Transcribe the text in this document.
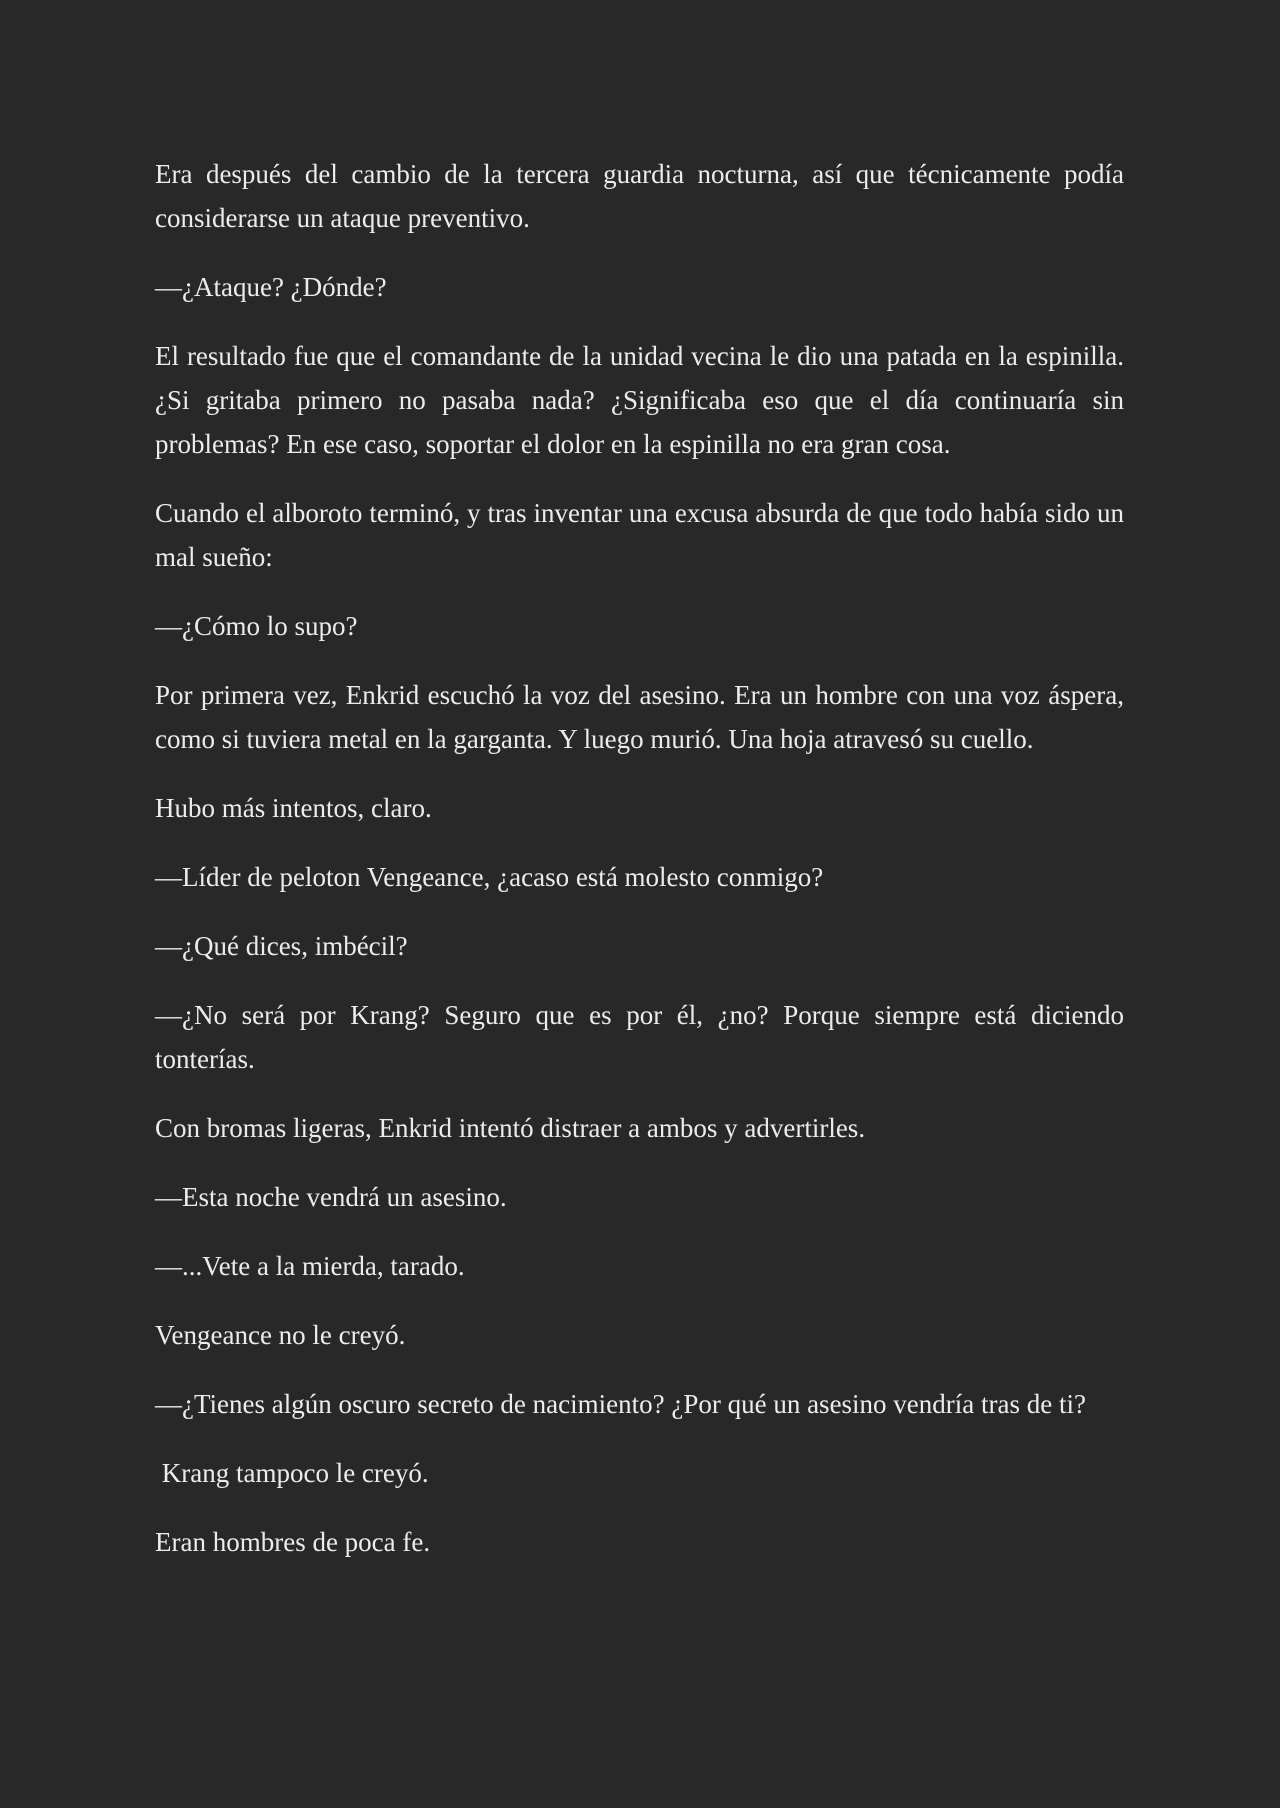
Era después del cambio de la tercera guardia nocturna, así que técnicamente podía considerarse un ataque preventivo.

—¿Ataque? ¿Dónde?

El resultado fue que el comandante de la unidad vecina le dio una patada en la espinilla. ¿Si gritaba primero no pasaba nada? ¿Significaba eso que el día continuaría sin problemas? En ese caso, soportar el dolor en la espinilla no era gran cosa.

Cuando el alboroto terminó, y tras inventar una excusa absurda de que todo había sido un mal sueño:

—¿Cómo lo supo?

Por primera vez, Enkrid escuchó la voz del asesino. Era un hombre con una voz áspera, como si tuviera metal en la garganta. Y luego murió. Una hoja atravesó su cuello.

Hubo más intentos, claro.

—Líder de peloton Vengeance, ¿acaso está molesto conmigo?

—¿Qué dices, imbécil?

—¿No será por Krang? Seguro que es por él, ¿no? Porque siempre está diciendo tonterías.

Con bromas ligeras, Enkrid intentó distraer a ambos y advertirles.

—Esta noche vendrá un asesino.

—...Vete a la mierda, tarado.

Vengeance no le creyó.

—¿Tienes algún oscuro secreto de nacimiento? ¿Por qué un asesino vendría tras de ti?

Krang tampoco le creyó.

Eran hombres de poca fe.
